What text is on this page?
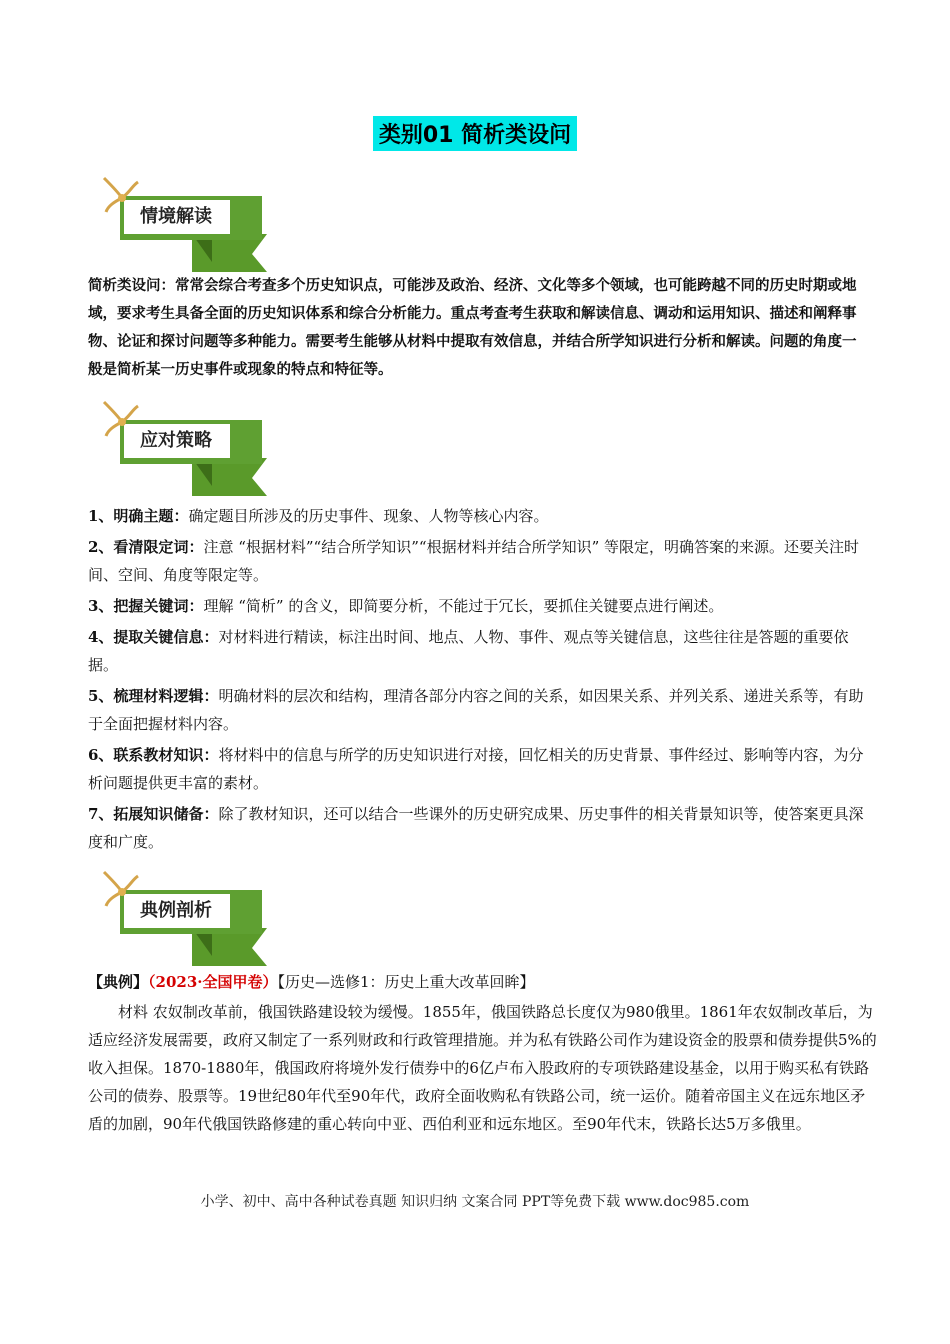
类别01 简析类设问
情境解读
简析类设问：常常会综合考查多个历史知识点，可能涉及政治、经济、文化等多个领域，也可能跨越不同的历史时期或地域，要求考生具备全面的历史知识体系和综合分析能力。重点考查考生获取和解读信息、调动和运用知识、描述和阐释事物、论证和探讨问题等多种能力。需要考生能够从材料中提取有效信息，并结合所学知识进行分析和解读。问题的角度一般是简析某一历史事件或现象的特点和特征等。
应对策略

1、明确主题：确定题目所涉及的历史事件、现象、人物等核心内容。

2、看清限定词：注意 “根据材料”“结合所学知识”“根据材料并结合所学知识” 等限定，明确答案的来源。还要关注时间、空间、角度等限定等。

3、把握关键词：理解 “简析” 的含义，即简要分析，不能过于冗长，要抓住关键要点进行阐述。

4、提取关键信息：对材料进行精读，标注出时间、地点、人物、事件、观点等关键信息，这些往往是答题的重要依据。

5、梳理材料逻辑：明确材料的层次和结构，理清各部分内容之间的关系，如因果关系、并列关系、递进关系等，有助于全面把握材料内容。

6、联系教材知识：将材料中的信息与所学的历史知识进行对接，回忆相关的历史背景、事件经过、影响等内容，为分析问题提供更丰富的素材。

7、拓展知识储备：除了教材知识，还可以结合一些课外的历史研究成果、历史事件的相关背景知识等，使答案更具深度和广度。

典例剖析
【典例】（2023·全国甲卷）【历史—选修1：历史上重大改革回眸】
材料 农奴制改革前，俄国铁路建设较为缓慢。1855年，俄国铁路总长度仅为980俄里。1861年农奴制改革后，为适应经济发展需要，政府又制定了一系列财政和行政管理措施。并为私有铁路公司作为建设资金的股票和债券提供5%的收入担保。1870-1880年，俄国政府将境外发行债券中的6亿卢布入股政府的专项铁路建设基金，以用于购买私有铁路公司的债券、股票等。19世纪80年代至90年代，政府全面收购私有铁路公司，统一运价。随着帝国主义在远东地区矛盾的加剧，90年代俄国铁路修建的重心转向中亚、西伯利亚和远东地区。至90年代末，铁路长达5万多俄里。
小学、初中、高中各种试卷真题 知识归纳 文案合同 PPT等免费下载 www.doc985.com
